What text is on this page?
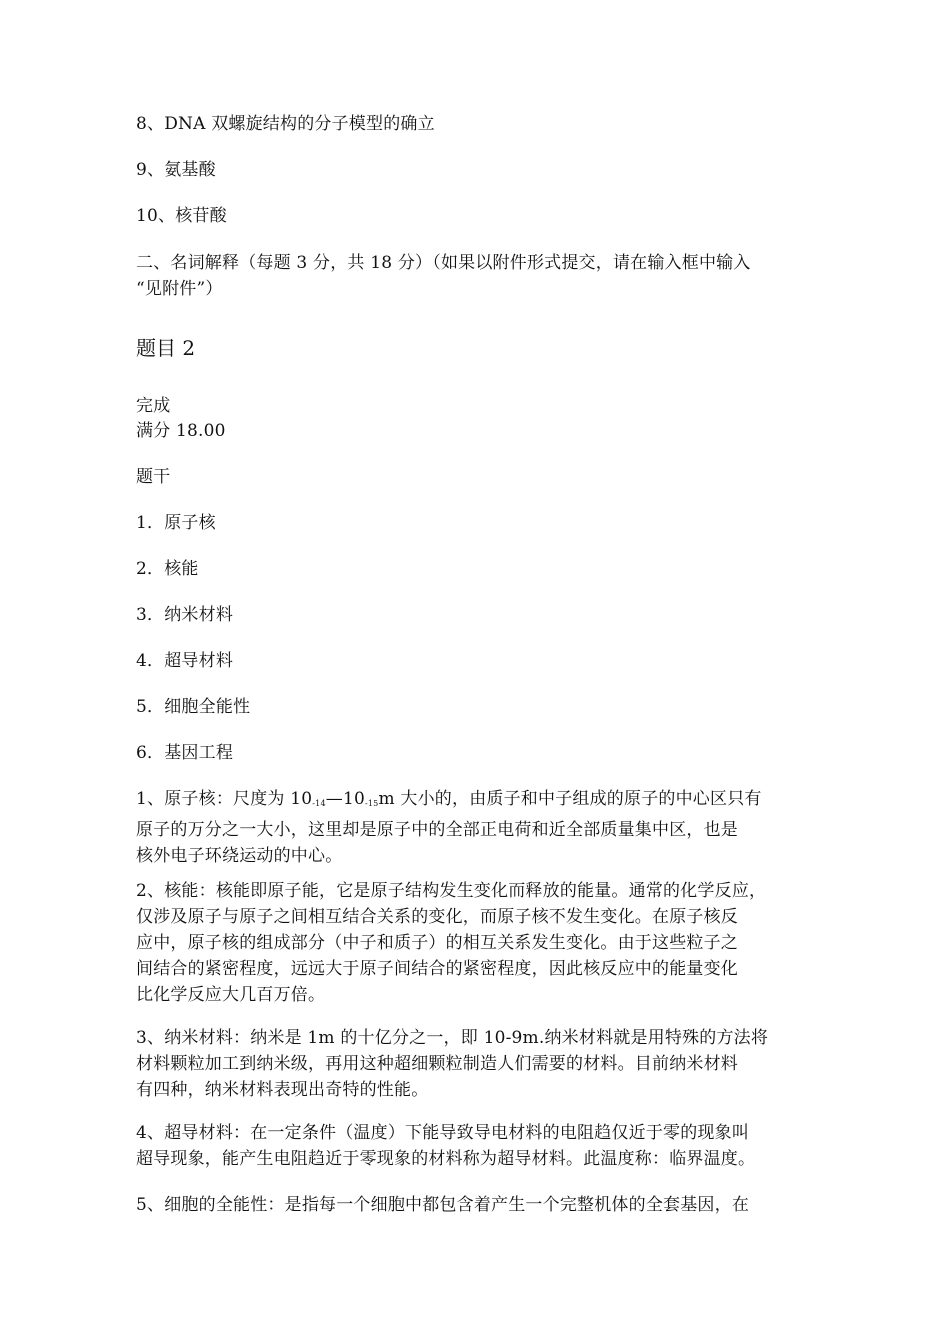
8、DNA 双螺旋结构的分子模型的确立
9、氨基酸
10、核苷酸
二、名词解释（每题 3 分，共 18 分）（如果以附件形式提交，请在输入框中输入
“见附件”）
题目 2
完成
满分 18.00
题干
1．原子核
2．核能
3．纳米材料
4．超导材料
5．细胞全能性
6．基因工程
1、原子核：尺度为 $10_{-14}—10_{-15}m$ 大小的，由质子和中子组成的原子的中心区只有
原子的万分之一大小，这里却是原子中的全部正电荷和近全部质量集中区，也是
核外电子环绕运动的中心。
2、核能：核能即原子能，它是原子结构发生变化而释放的能量。通常的化学反应，
仅涉及原子与原子之间相互结合关系的变化，而原子核不发生变化。在原子核反
应中，原子核的组成部分（中子和质子）的相互关系发生变化。由于这些粒子之
间结合的紧密程度，远远大于原子间结合的紧密程度，因此核反应中的能量变化
比化学反应大几百万倍。
3、纳米材料：纳米是 1m 的十亿分之一，即 10-9m.纳米材料就是用特殊的方法将
材料颗粒加工到纳米级，再用这种超细颗粒制造人们需要的材料。目前纳米材料
有四种，纳米材料表现出奇特的性能。
4、超导材料：在一定条件（温度）下能导致导电材料的电阻趋仅近于零的现象叫
超导现象，能产生电阻趋近于零现象的材料称为超导材料。此温度称：临界温度。
5、细胞的全能性：是指每一个细胞中都包含着产生一个完整机体的全套基因，在
